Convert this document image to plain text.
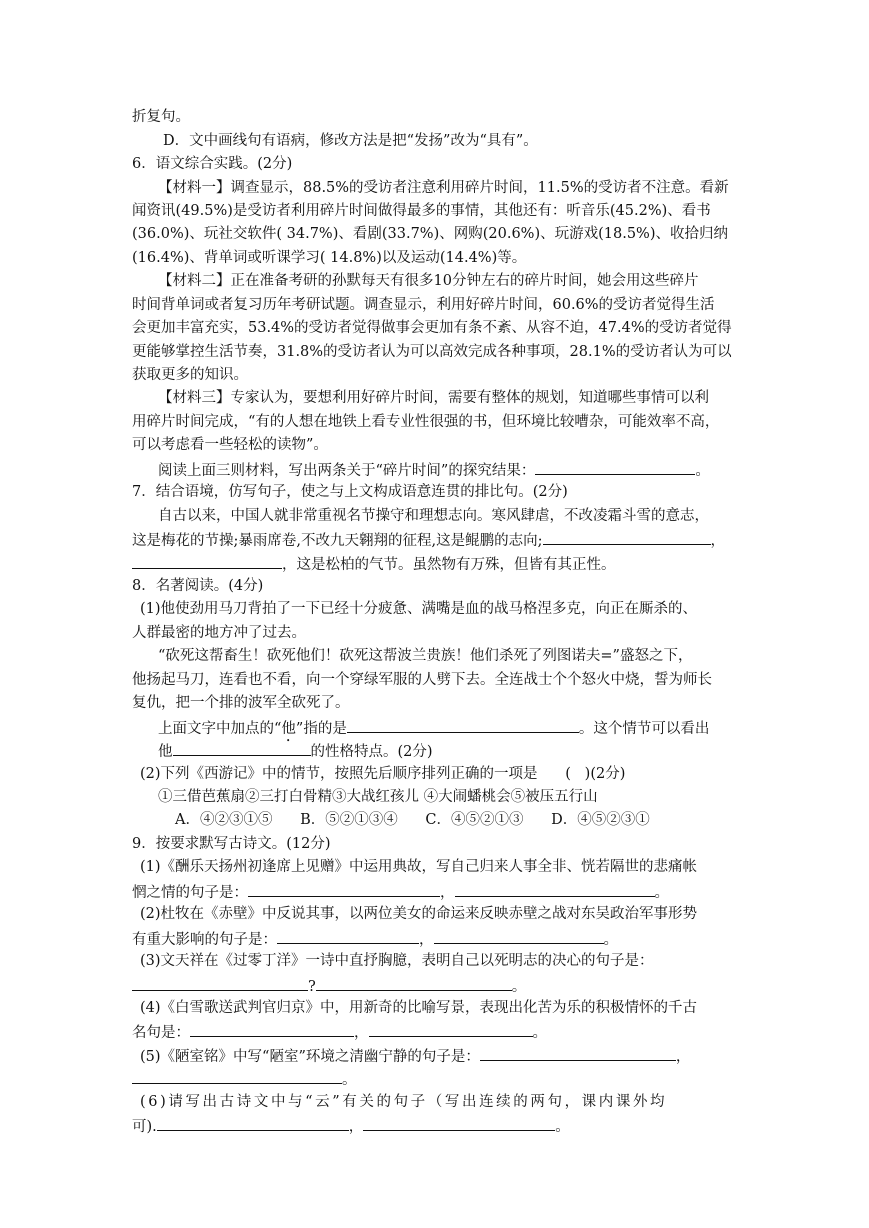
折复句。
D．文中画线句有语病，修改方法是把“发扬”改为“具有”。
6．语文综合实践。(2分)
【材料一】调查显示，88.5%的受访者注意利用碎片时间，11.5%的受访者不注意。看新
闻资讯(49.5%)是受访者利用碎片时间做得最多的事情，其他还有：听音乐(45.2%)、看书
(36.0%)、玩社交软件( 34.7%)、看剧(33.7%)、网购(20.6%)、玩游戏(18.5%)、收拾归纳
(16.4%)、背单词或听课学习( 14.8%)以及运动(14.4%)等。
【材料二】正在准备考研的孙默每天有很多10分钟左右的碎片时间，她会用这些碎片
时间背单词或者复习历年考研试题。调查显示，利用好碎片时间，60.6%的受访者觉得生活
会更加丰富充实，53.4%的受访者觉得做事会更加有条不紊、从容不迫，47.4%的受访者觉得
更能够掌控生活节奏，31.8%的受访者认为可以高效完成各种事项，28.1%的受访者认为可以
获取更多的知识。
【材料三】专家认为，要想利用好碎片时间，需要有整体的规划，知道哪些事情可以利
用碎片时间完成，“有的人想在地铁上看专业性很强的书，但环境比较嘈杂，可能效率不高，
可以考虑看一些轻松的读物”。
阅读上面三则材料，写出两条关于“碎片时间”的探究结果：	。
7．结合语境，仿写句子，使之与上文构成语意连贯的排比句。(2分)
自古以来，中国人就非常重视名节操守和理想志向。寒风肆虐，不改凌霜斗雪的意志，
这是梅花的节操;暴雨席卷,不改九天翱翔的征程,这是鲲鹏的志向;	，
，这是松柏的气节。虽然物有万殊，但皆有其正性。
8．名著阅读。(4分)
(1)他使劲用马刀背拍了一下已经十分疲惫、满嘴是血的战马格涅多克，向正在厮杀的、
人群最密的地方冲了过去。
“砍死这帮畜生！砍死他们！砍死这帮波兰贵族！他们杀死了列图诺夫=”盛怒之下，
他扬起马刀，连看也不看，向一个穿绿军服的人劈下去。全连战士个个怒火中烧，誓为师长
复仇，把一个排的波军全砍死了。
上面文字中加点的“他”指的是	。这个情节可以看出
他	的性格特点。(2分)
(2)下列《西游记》中的情节，按照先后顺序排列正确的一项是      (   )(2分)
①三借芭蕉扇②三打白骨精③大战红孩儿 ④大闹蟠桃会⑤被压五行山
A．④②③①⑤      B．⑤②①③④      C．④⑤②①③      D．④⑤②③①
9．按要求默写古诗文。(12分)
(1)《酬乐天扬州初逢席上见赠》中运用典故，写自己归来人事全非、恍若隔世的悲痛帐
惘之情的句子是：	，	。
(2)杜牧在《赤壁》中反说其事，以两位美女的命运来反映赤壁之战对东吴政治军事形势
有重大影响的句子是：	，	。
(3)文天祥在《过零丁洋》一诗中直抒胸臆，表明自己以死明志的决心的句子是：
?	。
(4)《白雪歌送武判官归京》中，用新奇的比喻写景，表现出化苦为乐的积极情怀的千古
名句是：	，	。
(5)《陋室铭》中写“陋室”环境之清幽宁静的句子是：	，
。
(6)请写出古诗文中与“云”有关的句子（写出连续的两句，课内课外均
可).	，	。
